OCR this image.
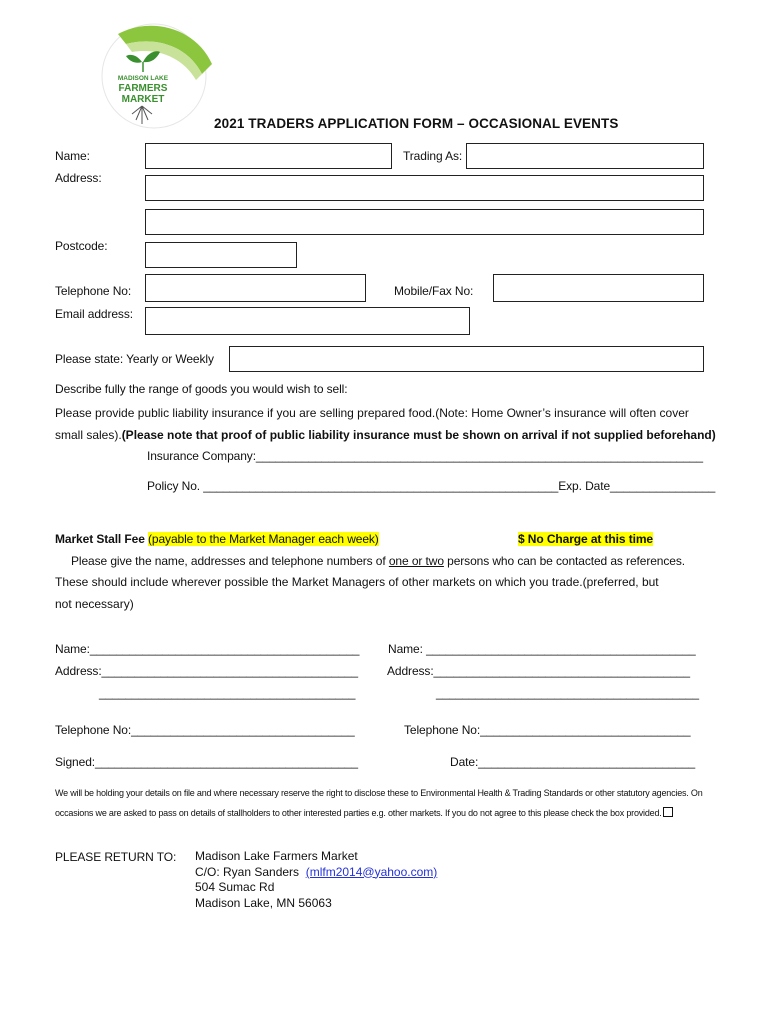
MADISON LAKE
FARMERS
MARKET
2021 TRADERS APPLICATION FORM – OCCASIONAL EVENTS
Name:	Trading As:
Address:
Postcode:
Telephone No:	Mobile/Fax No:
Email address:
Please state: Yearly or Weekly
Describe fully the range of goods you would wish to sell:
Please provide public liability insurance if you are selling prepared food.(Note: Home Owner’s insurance will often cover small sales).(Please note that proof of public liability insurance must be shown on arrival if not supplied beforehand)
Insurance Company:____________________________________________________________________
Policy No. ______________________________________________________Exp. Date________________
Market Stall Fee (payable to the Market Manager each week)	$ No Charge at this time
Please give the name, addresses and telephone numbers of one or two persons who can be contacted as references.
These should include wherever possible the Market Managers of other markets on which you trade.(preferred, but not necessary)
Name:_________________________________________
Address:_______________________________________
_______________________________________
Telephone No:__________________________________
Signed:________________________________________
Name: _________________________________________
Address:_______________________________________
________________________________________
Telephone No:________________________________
Date:_________________________________
We will be holding your details on file and where necessary reserve the right to disclose these to Environmental Health & Trading Standards or other statutory agencies. On occasions we are asked to pass on details of stallholders to other interested parties e.g. other markets. If you do not agree to this please check the box provided.
PLEASE RETURN TO: Madison Lake Farmers Market
C/O: Ryan Sanders (mlfm2014@yahoo.com)
504 Sumac Rd
Madison Lake, MN 56063
